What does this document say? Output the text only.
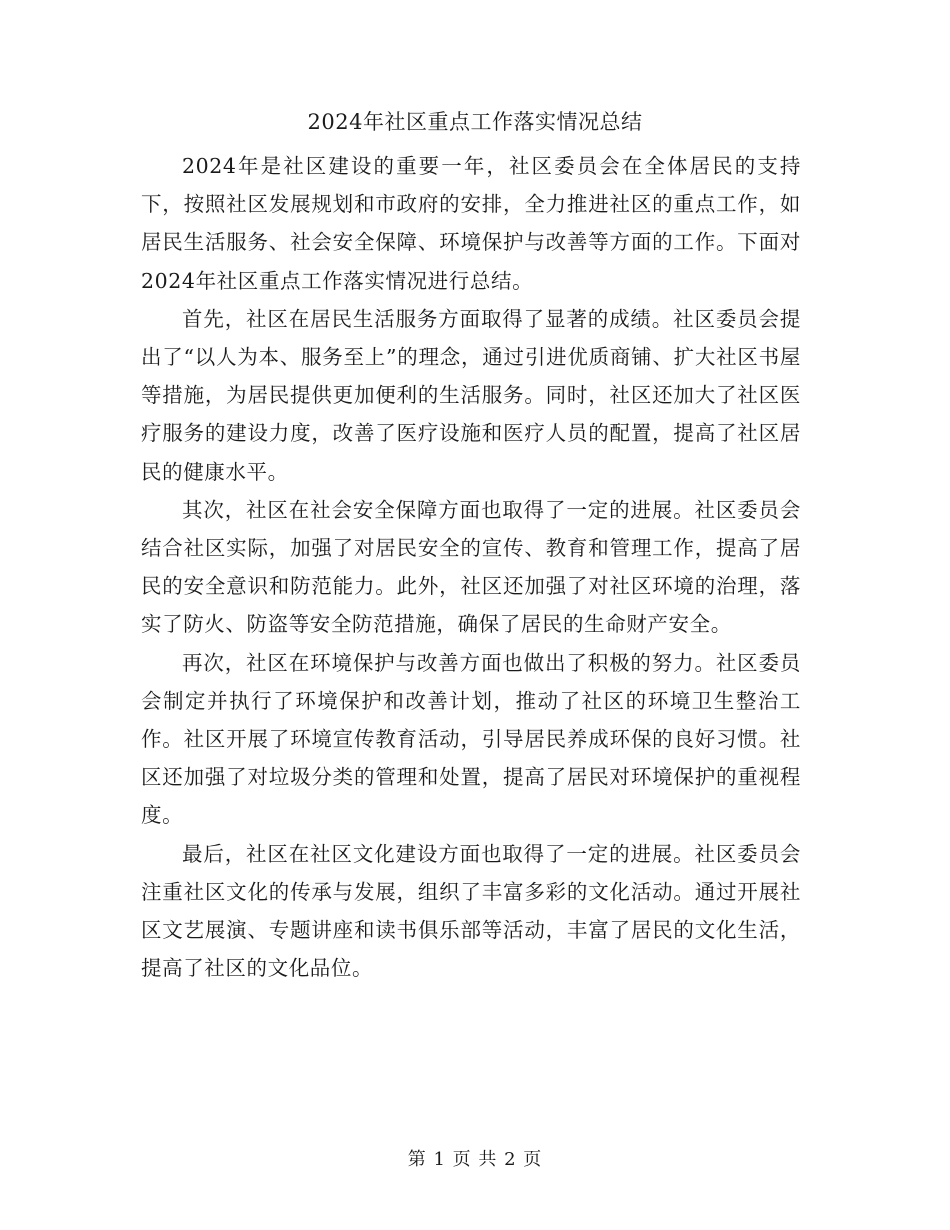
2024年社区重点工作落实情况总结

2024年是社区建设的重要一年，社区委员会在全体居民的支持下，按照社区发展规划和市政府的安排，全力推进社区的重点工作，如居民生活服务、社会安全保障、环境保护与改善等方面的工作。下面对2024年社区重点工作落实情况进行总结。

首先，社区在居民生活服务方面取得了显著的成绩。社区委员会提出了“以人为本、服务至上”的理念，通过引进优质商铺、扩大社区书屋等措施，为居民提供更加便利的生活服务。同时，社区还加大了社区医疗服务的建设力度，改善了医疗设施和医疗人员的配置，提高了社区居民的健康水平。

其次，社区在社会安全保障方面也取得了一定的进展。社区委员会结合社区实际，加强了对居民安全的宣传、教育和管理工作，提高了居民的安全意识和防范能力。此外，社区还加强了对社区环境的治理，落实了防火、防盗等安全防范措施，确保了居民的生命财产安全。

再次，社区在环境保护与改善方面也做出了积极的努力。社区委员会制定并执行了环境保护和改善计划，推动了社区的环境卫生整治工作。社区开展了环境宣传教育活动，引导居民养成环保的良好习惯。社区还加强了对垃圾分类的管理和处置，提高了居民对环境保护的重视程度。

最后，社区在社区文化建设方面也取得了一定的进展。社区委员会注重社区文化的传承与发展，组织了丰富多彩的文化活动。通过开展社区文艺展演、专题讲座和读书俱乐部等活动，丰富了居民的文化生活，提高了社区的文化品位。

第 1 页 共 2 页
